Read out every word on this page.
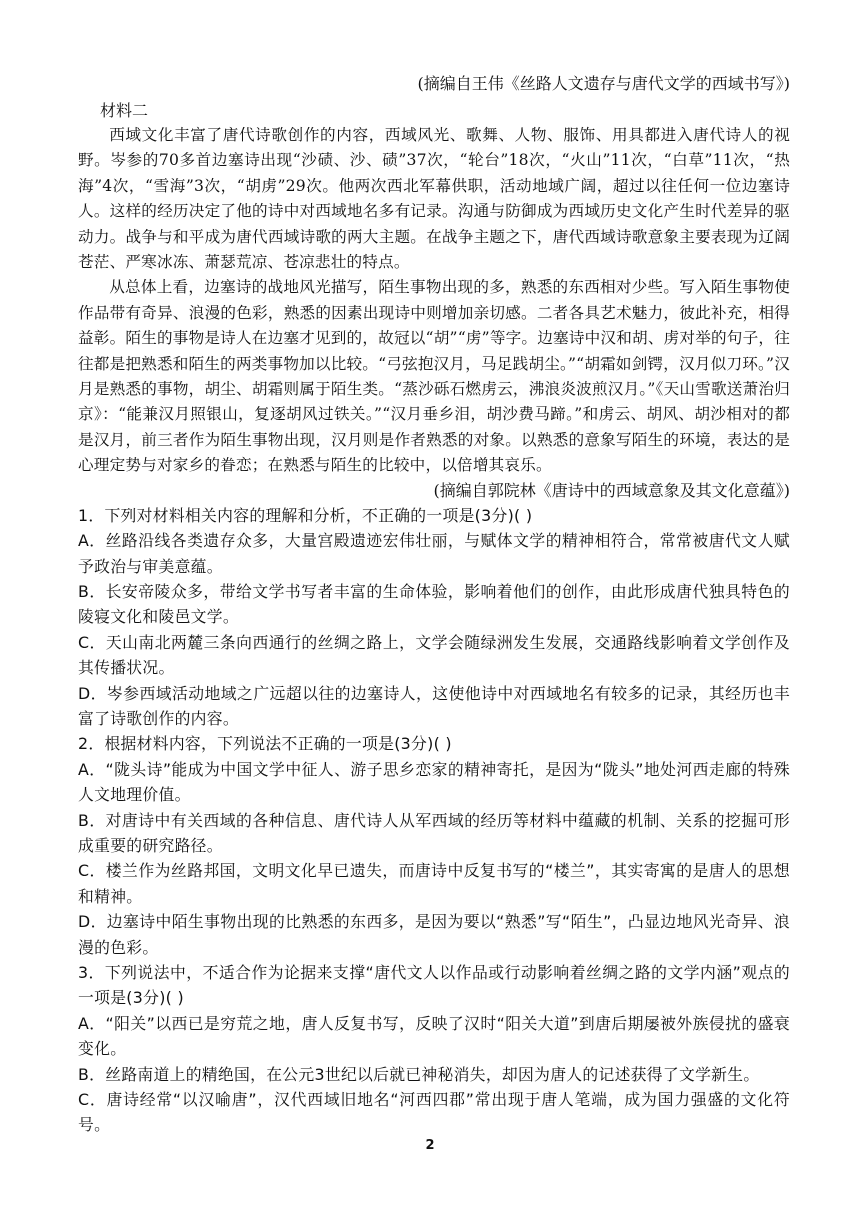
(摘编自王伟《丝路人文遗存与唐代文学的西域书写》)

材料二

西域文化丰富了唐代诗歌创作的内容，西域风光、歌舞、人物、服饰、用具都进入唐代诗人的视野。岑参的70多首边塞诗出现“沙碛、沙、碛”37次，“轮台”18次，“火山”11次，“白草”11次，“热海”4次，“雪海”3次，“胡虏”29次。他两次西北军幕供职，活动地域广阔，超过以往任何一位边塞诗人。这样的经历决定了他的诗中对西域地名多有记录。沟通与防御成为西域历史文化产生时代差异的驱动力。战争与和平成为唐代西域诗歌的两大主题。在战争主题之下，唐代西域诗歌意象主要表现为辽阔苍茫、严寒冰冻、萧瑟荒凉、苍凉悲壮的特点。

从总体上看，边塞诗的战地风光描写，陌生事物出现的多，熟悉的东西相对少些。写入陌生事物使作品带有奇异、浪漫的色彩，熟悉的因素出现诗中则增加亲切感。二者各具艺术魅力，彼此补充，相得益彰。陌生的事物是诗人在边塞才见到的，故冠以“胡”“虏”等字。边塞诗中汉和胡、虏对举的句子，往往都是把熟悉和陌生的两类事物加以比较。“弓弦抱汉月，马足践胡尘。”“胡霜如剑锷，汉月似刀环。”汉月是熟悉的事物，胡尘、胡霜则属于陌生类。“蒸沙砾石燃虏云，沸浪炎波煎汉月。”《天山雪歌送萧治归京》：“能兼汉月照银山，复逐胡风过铁关。”“汉月垂乡泪，胡沙费马蹄。”和虏云、胡风、胡沙相对的都是汉月，前三者作为陌生事物出现，汉月则是作者熟悉的对象。以熟悉的意象写陌生的环境，表达的是心理定势与对家乡的眷恋；在熟悉与陌生的比较中，以倍增其哀乐。

(摘编自郭院林《唐诗中的西域意象及其文化意蕴》)

1．下列对材料相关内容的理解和分析，不正确的一项是(3分)( )

A．丝路沿线各类遗存众多，大量宫殿遗迹宏伟壮丽，与赋体文学的精神相符合，常常被唐代文人赋予政治与审美意蕴。

B．长安帝陵众多，带给文学书写者丰富的生命体验，影响着他们的创作，由此形成唐代独具特色的陵寝文化和陵邑文学。

C．天山南北两麓三条向西通行的丝绸之路上，文学会随绿洲发生发展，交通路线影响着文学创作及其传播状况。

D．岑参西域活动地域之广远超以往的边塞诗人，这使他诗中对西域地名有较多的记录，其经历也丰富了诗歌创作的内容。

2．根据材料内容，下列说法不正确的一项是(3分)( )

A．“陇头诗”能成为中国文学中征人、游子思乡恋家的精神寄托，是因为“陇头”地处河西走廊的特殊人文地理价值。

B．对唐诗中有关西域的各种信息、唐代诗人从军西域的经历等材料中蕴藏的机制、关系的挖掘可形成重要的研究路径。

C．楼兰作为丝路邦国，文明文化早已遗失，而唐诗中反复书写的“楼兰”，其实寄寓的是唐人的思想和精神。

D．边塞诗中陌生事物出现的比熟悉的东西多，是因为要以“熟悉”写“陌生”，凸显边地风光奇异、浪漫的色彩。

3．下列说法中，不适合作为论据来支撑“唐代文人以作品或行动影响着丝绸之路的文学内涵”观点的一项是(3分)( )

A．“阳关”以西已是穷荒之地，唐人反复书写，反映了汉时“阳关大道”到唐后期屡被外族侵扰的盛衰变化。

B．丝路南道上的精绝国，在公元3世纪以后就已神秘消失，却因为唐人的记述获得了文学新生。

C．唐诗经常“以汉喻唐”，汉代西域旧地名“河西四郡”常出现于唐人笔端，成为国力强盛的文化符号。

2
